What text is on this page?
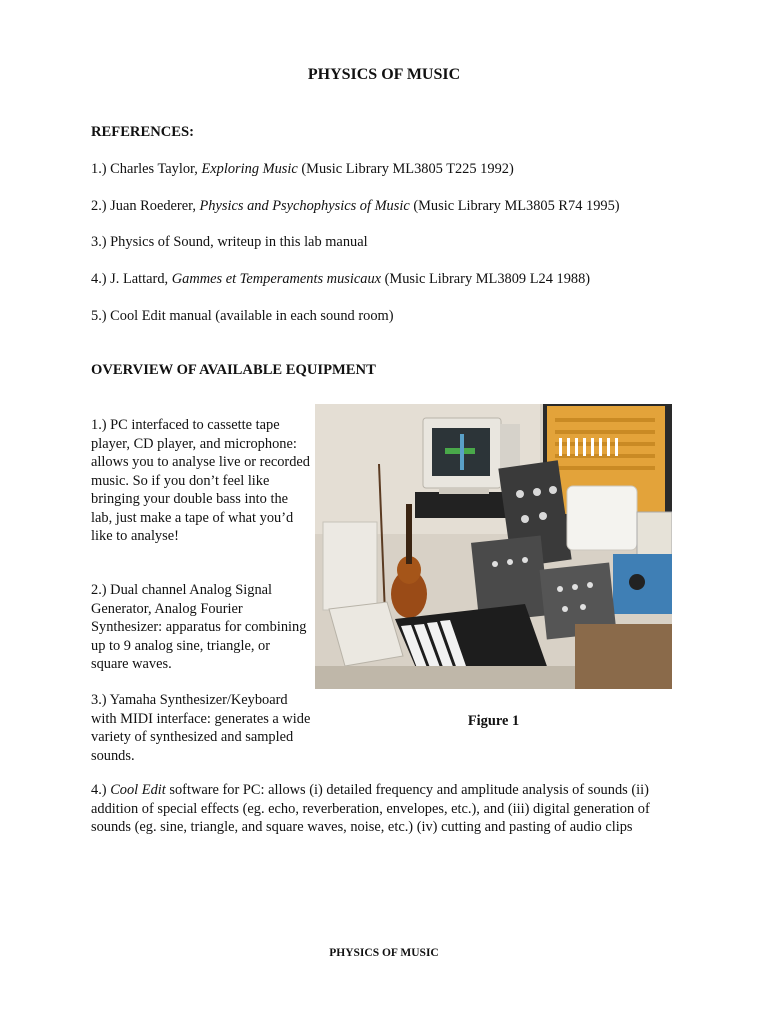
PHYSICS OF MUSIC
REFERENCES:
1.) Charles Taylor, Exploring Music (Music Library ML3805 T225 1992)
2.) Juan Roederer, Physics and Psychophysics of Music (Music Library ML3805 R74 1995)
3.) Physics of Sound, writeup in this lab manual
4.) J. Lattard, Gammes et Temperaments musicaux (Music Library ML3809 L24 1988)
5.) Cool Edit manual (available in each sound room)
OVERVIEW OF AVAILABLE EQUIPMENT
1.) PC interfaced to cassette tape player, CD player, and microphone: allows you to analyse live or recorded music. So if you don’t feel like bringing your double bass into the lab, just make a tape of what you’d like to analyse!
2.) Dual channel Analog Signal Generator, Analog Fourier Synthesizer: apparatus for combining up to 9 analog sine, triangle, or square waves.
3.) Yamaha Synthesizer/Keyboard with MIDI interface: generates a wide variety of synthesized and sampled sounds.
Figure 1
4.) Cool Edit software for PC: allows (i) detailed frequency and amplitude analysis of sounds (ii) addition of special effects (eg. echo, reverberation, envelopes, etc.), and (iii) digital generation of sounds (eg. sine, triangle, and square waves, noise, etc.) (iv) cutting and pasting of audio clips
PHYSICS OF MUSIC
